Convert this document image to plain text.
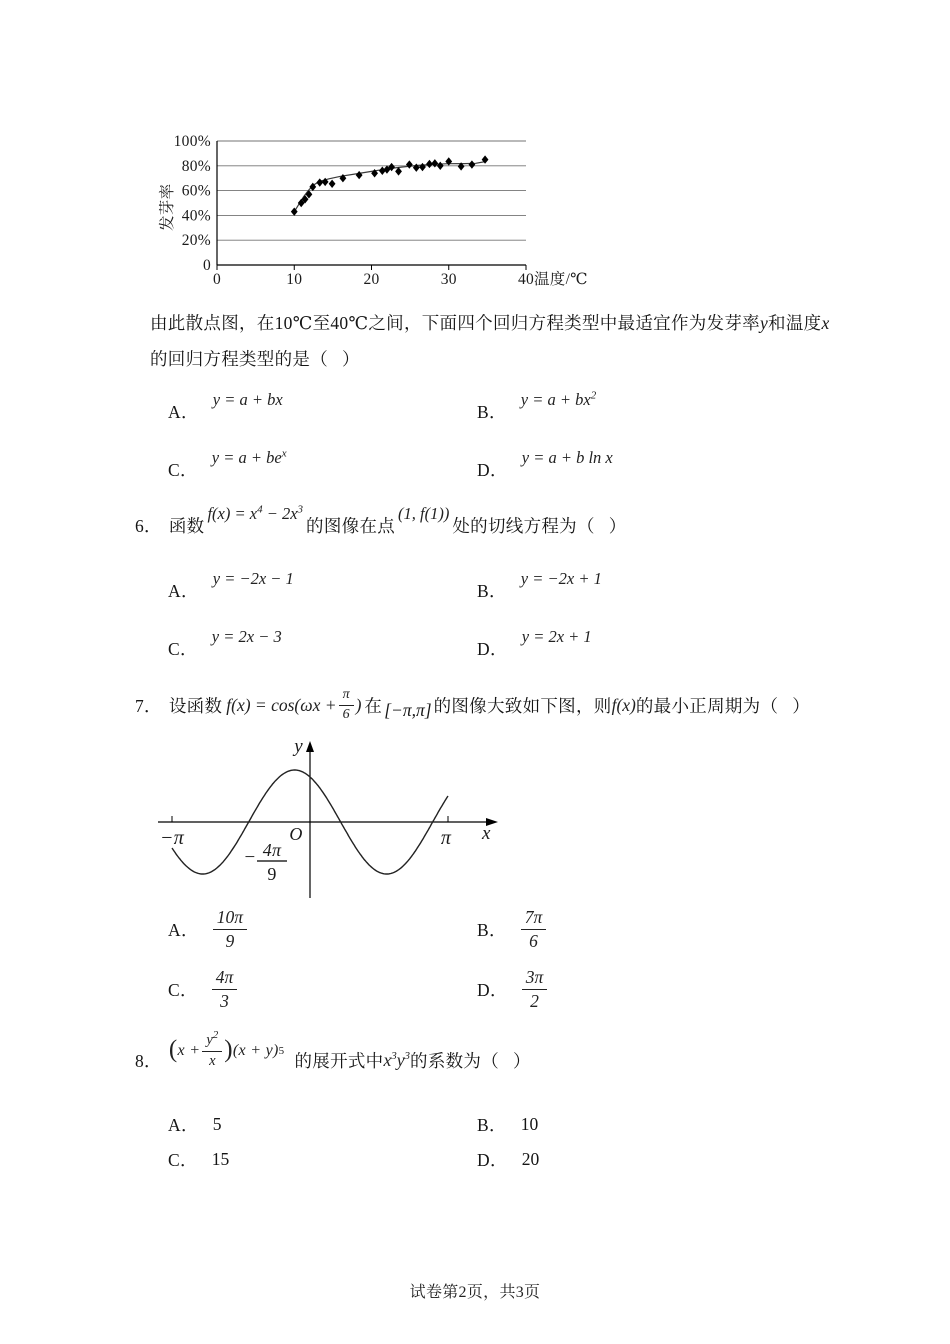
0
20%
40%
60%
80%
100%
0	10	20	30	40 温度/℃
发芽率
由此散点图，在10℃至40℃之间，下面四个回归方程类型中最适宜作为发芽率y和温度x
的回归方程类型的是（   ）
A．
y = a + bx
B．
$y = a + bx^2$
C．
$y = a + be^x$
D．
y = a + b ln x
6． 函数
$f(x) = x^4 - 2x^3$
的图像在点
(1, f(1))
处的切线方程为（   ）
A．
y = −2x − 1
B．
y = −2x + 1
C．
y = 2x − 3
D．
y = 2x + 1
7． 设函数 $f(x) = \cos(\omega x + \frac{\pi}{6}$ ) 在 [−π,π] 的图像大致如下图，则 f(x) 的最小正周期为（   ）
−π	π
O
y
x
− 4π
9
A． $\frac{10\pi}{9}$	B． $\frac{7\pi}{6}$
C． $\frac{4\pi}{3}$	D． $\frac{3\pi}{2}$
8． ( $x + \frac{y^2}{x}$ ) (x + y) 5 的展开式中 $x^3y^3$ 的系数为（   ）
A． 5	B． 10
C． 15	D． 20
试卷第2页，共3页
